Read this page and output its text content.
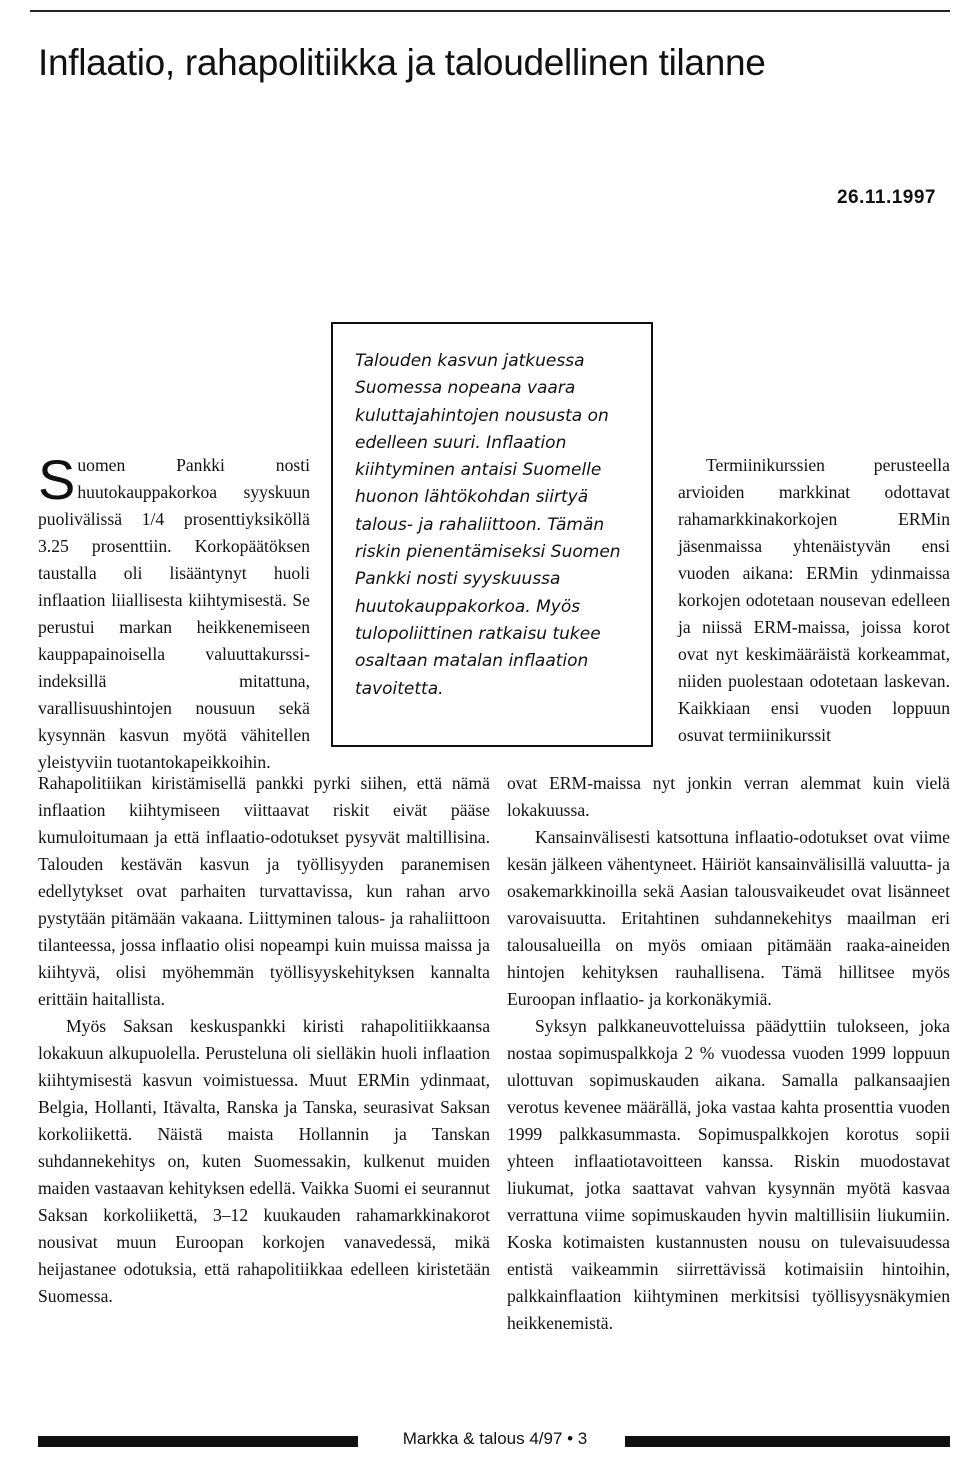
Inflaatio, rahapolitiikka ja taloudellinen tilanne
26.11.1997

Suomen Pankki nosti huutokauppakorkoa syyskuun puolivälissä 1/4 prosenttiyksiköllä 3.25 prosenttiin. Korkopäätöksen taustalla oli lisääntynyt huoli inflaation liiallisesta kiihtymisestä. Se perustui markan heikkenemiseen kauppapainoisella valuuttakurssi-indeksillä mitattuna, varallisuushintojen nousuun sekä kysynnän kasvun myötä vähitellen yleistyviin tuotantokapeikkoihin.

Talouden kasvun jatkuessa Suomessa nopeana vaara kuluttajahintojen noususta on edelleen suuri. Inflaation kiihtyminen antaisi Suomelle huonon lähtökohdan siirtyä talous- ja rahaliittoon. Tämän riskin pienentämiseksi Suomen Pankki nosti syyskuussa huutokauppakorkoa. Myös tulopoliittinen ratkaisu tukee osaltaan matalan inflaation tavoitetta.

Rahapolitiikan kiristämisellä pankki pyrki siihen, että nämä inflaation kiihtymiseen viittaavat riskit eivät pääse kumuloitumaan ja että inflaatio-odotukset pysyvät maltillisina. Talouden kestävän kasvun ja työllisyyden paranemisen edellytykset ovat parhaiten turvattavissa, kun rahan arvo pystytään pitämään vakaana. Liittyminen talous- ja rahaliittoon tilanteessa, jossa inflaatio olisi nopeampi kuin muissa maissa ja kiihtyvä, olisi myöhemmän työllisyyskehityksen kannalta erittäin haitallista.

Myös Saksan keskuspankki kiristi rahapolitiikkaansa lokakuun alkupuolella. Perusteluna oli sielläkin huoli inflaation kiihtymisestä kasvun voimistuessa. Muut ERMin ydinmaat, Belgia, Hollanti, Itävalta, Ranska ja Tanska, seurasivat Saksan korkoliikettä. Näistä maista Hollannin ja Tanskan suhdannekehitys on, kuten Suomessakin, kulkenut muiden maiden vastaavan kehityksen edellä. Vaikka Suomi ei seurannut Saksan korkoliikettä, 3–12 kuukauden rahamarkkinakorot nousivat muun Euroopan korkojen vanavedessä, mikä heijastanee odotuksia, että rahapolitiikkaa edelleen kiristetään Suomessa.

Termiinikurssien perusteella arvioiden markkinat odottavat rahamarkkinakorkojen ERMin jäsenmaissa yhtenäistyvän ensi vuoden aikana: ERMin ydinmaissa korkojen odotetaan nousevan edelleen ja niissä ERM-maissa, joissa korot ovat nyt keskimääräistä korkeammat, niiden puolestaan odotetaan laskevan. Kaikkiaan ensi vuoden loppuun osuvat termiinikurssit

ovat ERM-maissa nyt jonkin verran alemmat kuin vielä lokakuussa.

Kansainvälisesti katsottuna inflaatio-odotukset ovat viime kesän jälkeen vähentyneet. Häiriöt kansainvälisillä valuutta- ja osakemarkkinoilla sekä Aasian talousvaikeudet ovat lisänneet varovaisuutta. Eritahtinen suhdannekehitys maailman eri talousalueilla on myös omiaan pitämään raaka-aineiden hintojen kehityksen rauhallisena. Tämä hillitsee myös Euroopan inflaatio- ja korkonäkymiä.

Syksyn palkkaneuvotteluissa päädyttiin tulokseen, joka nostaa sopimuspalkkoja 2 % vuodessa vuoden 1999 loppuun ulottuvan sopimuskauden aikana. Samalla palkansaajien verotus kevenee määrällä, joka vastaa kahta prosenttia vuoden 1999 palkkasummasta. Sopimuspalkkojen korotus sopii yhteen inflaatiotavoitteen kanssa. Riskin muodostavat liukumat, jotka saattavat vahvan kysynnän myötä kasvaa verrattuna viime sopimuskauden hyvin maltillisiin liukumiin. Koska kotimaisten kustannusten nousu on tulevaisuudessa entistä vaikeammin siirrettävissä kotimaisiin hintoihin, palkkainflaation kiihtyminen merkitsisi työllisyysnäkymien heikkenemistä.

Markka & talous 4/97 • 3
